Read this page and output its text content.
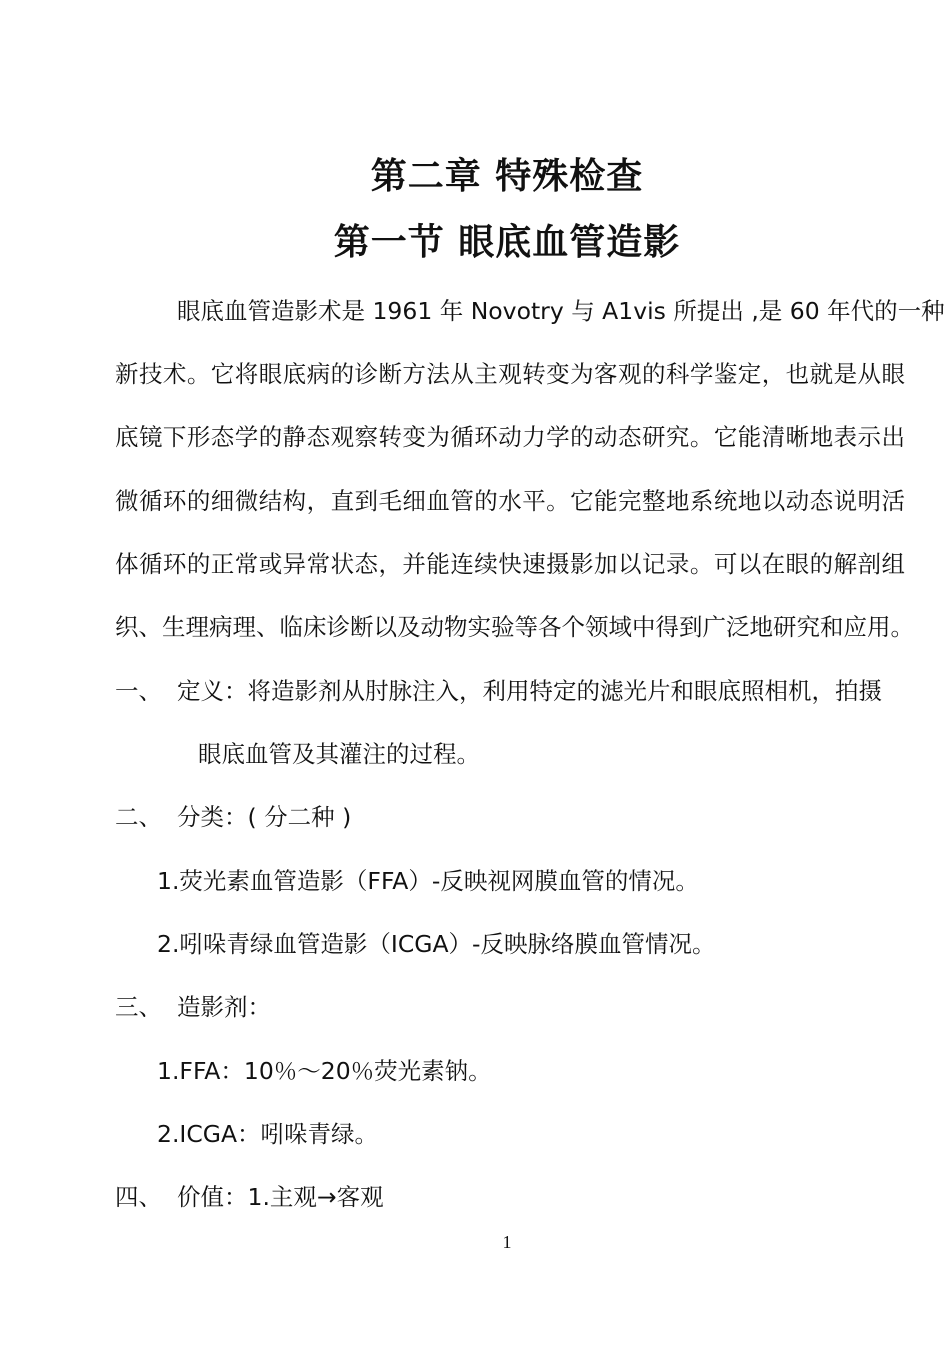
第二章 特殊检查
第一节 眼底血管造影
眼底血管造影术是 1961 年 Novotry 与 A1vis 所提出 ,是 60 年代的一种
新技术。它将眼底病的诊断方法从主观转变为客观的科学鉴定，也就是从眼
底镜下形态学的静态观察转变为循环动力学的动态研究。它能清晰地表示出
微循环的细微结构，直到毛细血管的水平。它能完整地系统地以动态说明活
体循环的正常或异常状态，并能连续快速摄影加以记录。可以在眼的解剖组
织、生理病理、临床诊断以及动物实验等各个领域中得到广泛地研究和应用。
一、 定义：将造影剂从肘脉注入，利用特定的滤光片和眼底照相机，拍摄
眼底血管及其灌注的过程。
二、 分类：( 分二种 )
1.荧光素血管造影（FFA）-反映视网膜血管的情况。
2.吲哚青绿血管造影（ICGA）-反映脉络膜血管情况。
三、 造影剂：
1.FFA：10％～20％荧光素钠。
2.ICGA：吲哚青绿。
四、 价值：1.主观→客观
1
